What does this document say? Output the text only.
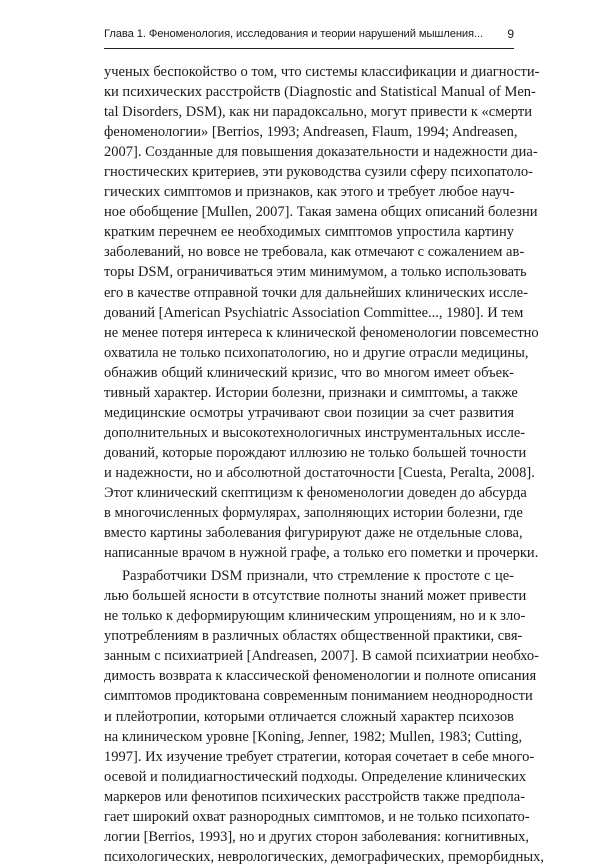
Глава 1. Феноменология, исследования и теории нарушений мышления... 9
ученых беспокойство о том, что системы классификации и диагности-
ки психических расстройств (Diagnostic and Statistical Manual of Men-
tal Disorders, DSM), как ни парадоксально, могут привести к «смерти
феноменологии» [Berrios, 1993; Andreasen, Flaum, 1994; Andreasen,
2007]. Созданные для повышения доказательности и надежности диа-
гностических критериев, эти руководства сузили сферу психопатоло-
гических симптомов и признаков, как этого и требует любое науч-
ное обобщение [Mullen, 2007]. Такая замена общих описаний болезни
кратким перечнем ее необходимых симптомов упростила картину
заболеваний, но вовсе не требовала, как отмечают с сожалением ав-
торы DSM, ограничиваться этим минимумом, а только использовать
его в качестве отправной точки для дальнейших клинических иссле-
дований [American Psychiatric Association Committee..., 1980]. И тем
не менее потеря интереса к клинической феноменологии повсеместно
охватила не только психопатологию, но и другие отрасли медицины,
обнажив общий клинический кризис, что во многом имеет объек-
тивный характер. Истории болезни, признаки и симптомы, а также
медицинские осмотры утрачивают свои позиции за счет развития
дополнительных и высокотехнологичных инструментальных иссле-
дований, которые порождают иллюзию не только большей точности
и надежности, но и абсолютной достаточности [Cuesta, Peralta, 2008].
Этот клинический скептицизм к феноменологии доведен до абсурда
в многочисленных формулярах, заполняющих истории болезни, где
вместо картины заболевания фигурируют даже не отдельные слова,
написанные врачом в нужной графе, а только его пометки и прочерки.
Разработчики DSM признали, что стремление к простоте с це-
лью большей ясности в отсутствие полноты знаний может привести
не только к деформирующим клиническим упрощениям, но и к зло-
употреблениям в различных областях общественной практики, свя-
занным с психиатрией [Andreasen, 2007]. В самой психиатрии необхо-
димость возврата к классической феноменологии и полноте описания
симптомов продиктована современным пониманием неоднородности
и плейотропии, которыми отличается сложный характер психозов
на клиническом уровне [Koning, Jenner, 1982; Mullen, 1983; Cutting,
1997]. Их изучение требует стратегии, которая сочетает в себе много-
осевой и полидиагностический подходы. Определение клинических
маркеров или фенотипов психических расстройств также предпола-
гает широкий охват разнородных симптомов, и не только психопато-
логии [Berrios, 1993], но и других сторон заболевания: когнитивных,
психологических, неврологических, демографических, преморбидных,
